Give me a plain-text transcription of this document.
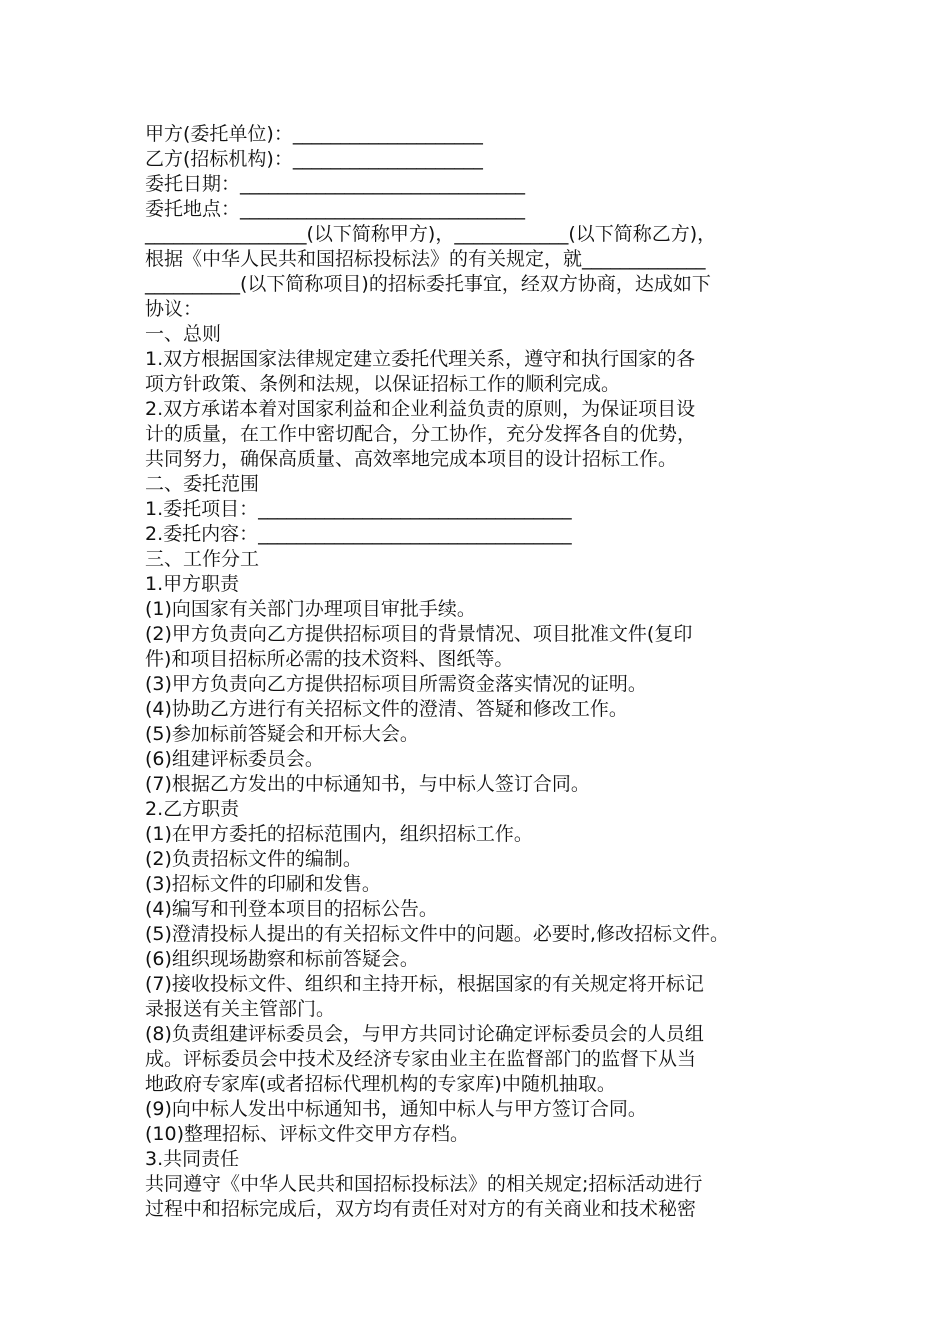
甲方(委托单位)：____________________
乙方(招标机构)：____________________
委托日期：______________________________
委托地点：______________________________
_________________(以下简称甲方)，____________(以下简称乙方)，
根据《中华人民共和国招标投标法》的有关规定，就_____________
__________(以下简称项目)的招标委托事宜，经双方协商，达成如下
协议：
一、总则
1.双方根据国家法律规定建立委托代理关系，遵守和执行国家的各
项方针政策、条例和法规，以保证招标工作的顺利完成。
2.双方承诺本着对国家利益和企业利益负责的原则，为保证项目设
计的质量，在工作中密切配合，分工协作，充分发挥各自的优势，
共同努力，确保高质量、高效率地完成本项目的设计招标工作。
二、委托范围
1.委托项目：_________________________________
2.委托内容：_________________________________
三、工作分工
1.甲方职责
(1)向国家有关部门办理项目审批手续。
(2)甲方负责向乙方提供招标项目的背景情况、项目批准文件(复印
件)和项目招标所必需的技术资料、图纸等。
(3)甲方负责向乙方提供招标项目所需资金落实情况的证明。
(4)协助乙方进行有关招标文件的澄清、答疑和修改工作。
(5)参加标前答疑会和开标大会。
(6)组建评标委员会。
(7)根据乙方发出的中标通知书，与中标人签订合同。
2.乙方职责
(1)在甲方委托的招标范围内，组织招标工作。
(2)负责招标文件的编制。
(3)招标文件的印刷和发售。
(4)编写和刊登本项目的招标公告。
(5)澄清投标人提出的有关招标文件中的问题。必要时,修改招标文件。
(6)组织现场勘察和标前答疑会。
(7)接收投标文件、组织和主持开标，根据国家的有关规定将开标记
录报送有关主管部门。
(8)负责组建评标委员会，与甲方共同讨论确定评标委员会的人员组
成。评标委员会中技术及经济专家由业主在监督部门的监督下从当
地政府专家库(或者招标代理机构的专家库)中随机抽取。
(9)向中标人发出中标通知书，通知中标人与甲方签订合同。
(10)整理招标、评标文件交甲方存档。
3.共同责任
共同遵守《中华人民共和国招标投标法》的相关规定;招标活动进行
过程中和招标完成后，双方均有责任对对方的有关商业和技术秘密
